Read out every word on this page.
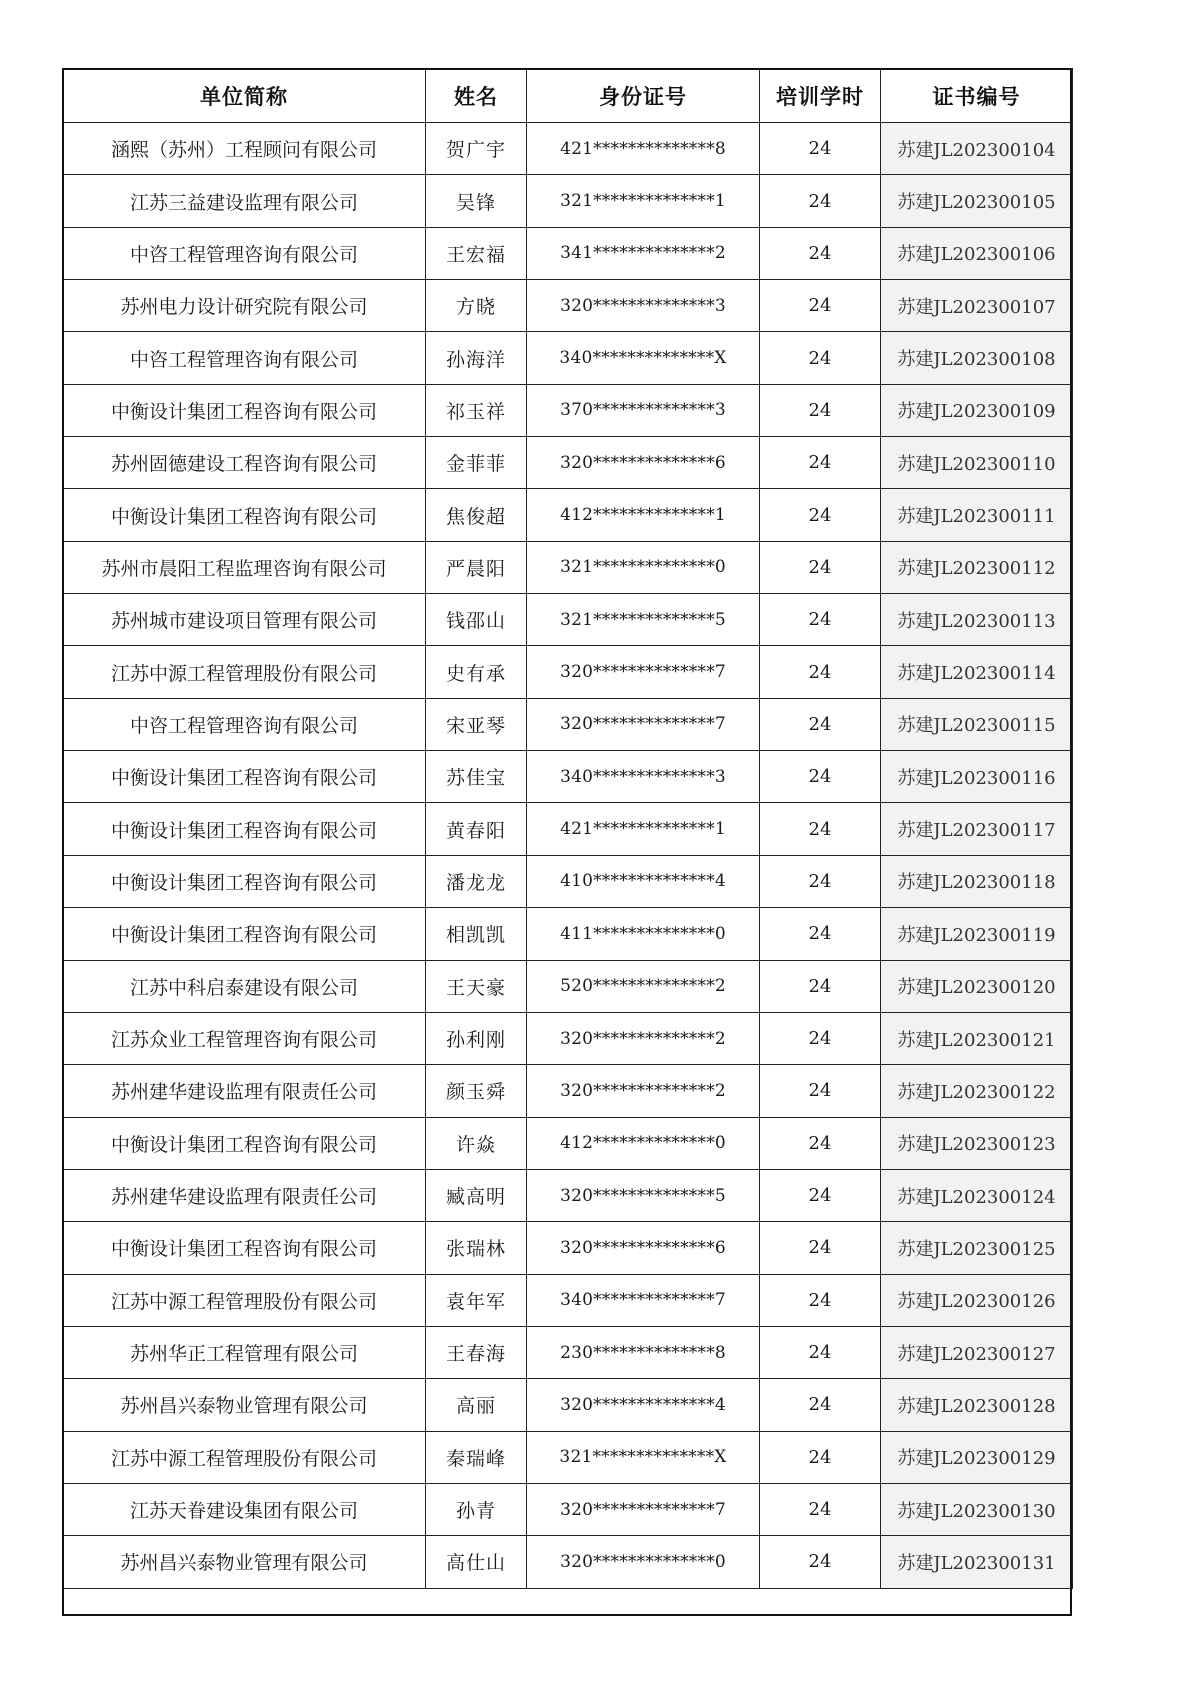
单位简称	姓名	身份证号	培训学时	证书编号
涵熙（苏州）工程顾问有限公司	贺广宇	421**************8	24	苏建JL202300104
江苏三益建设监理有限公司	吴锋	321**************1	24	苏建JL202300105
中咨工程管理咨询有限公司	王宏福	341**************2	24	苏建JL202300106
苏州电力设计研究院有限公司	方晓	320**************3	24	苏建JL202300107
中咨工程管理咨询有限公司	孙海洋	340**************X	24	苏建JL202300108
中衡设计集团工程咨询有限公司	祁玉祥	370**************3	24	苏建JL202300109
苏州固德建设工程咨询有限公司	金菲菲	320**************6	24	苏建JL202300110
中衡设计集团工程咨询有限公司	焦俊超	412**************1	24	苏建JL202300111
苏州市晨阳工程监理咨询有限公司	严晨阳	321**************0	24	苏建JL202300112
苏州城市建设项目管理有限公司	钱邵山	321**************5	24	苏建JL202300113
江苏中源工程管理股份有限公司	史有承	320**************7	24	苏建JL202300114
中咨工程管理咨询有限公司	宋亚琴	320**************7	24	苏建JL202300115
中衡设计集团工程咨询有限公司	苏佳宝	340**************3	24	苏建JL202300116
中衡设计集团工程咨询有限公司	黄春阳	421**************1	24	苏建JL202300117
中衡设计集团工程咨询有限公司	潘龙龙	410**************4	24	苏建JL202300118
中衡设计集团工程咨询有限公司	相凯凯	411**************0	24	苏建JL202300119
江苏中科启泰建设有限公司	王天豪	520**************2	24	苏建JL202300120
江苏众业工程管理咨询有限公司	孙利刚	320**************2	24	苏建JL202300121
苏州建华建设监理有限责任公司	颜玉舜	320**************2	24	苏建JL202300122
中衡设计集团工程咨询有限公司	许焱	412**************0	24	苏建JL202300123
苏州建华建设监理有限责任公司	臧高明	320**************5	24	苏建JL202300124
中衡设计集团工程咨询有限公司	张瑞林	320**************6	24	苏建JL202300125
江苏中源工程管理股份有限公司	袁年军	340**************7	24	苏建JL202300126
苏州华正工程管理有限公司	王春海	230**************8	24	苏建JL202300127
苏州昌兴泰物业管理有限公司	高丽	320**************4	24	苏建JL202300128
江苏中源工程管理股份有限公司	秦瑞峰	321**************X	24	苏建JL202300129
江苏天眷建设集团有限公司	孙青	320**************7	24	苏建JL202300130
苏州昌兴泰物业管理有限公司	高仕山	320**************0	24	苏建JL202300131
